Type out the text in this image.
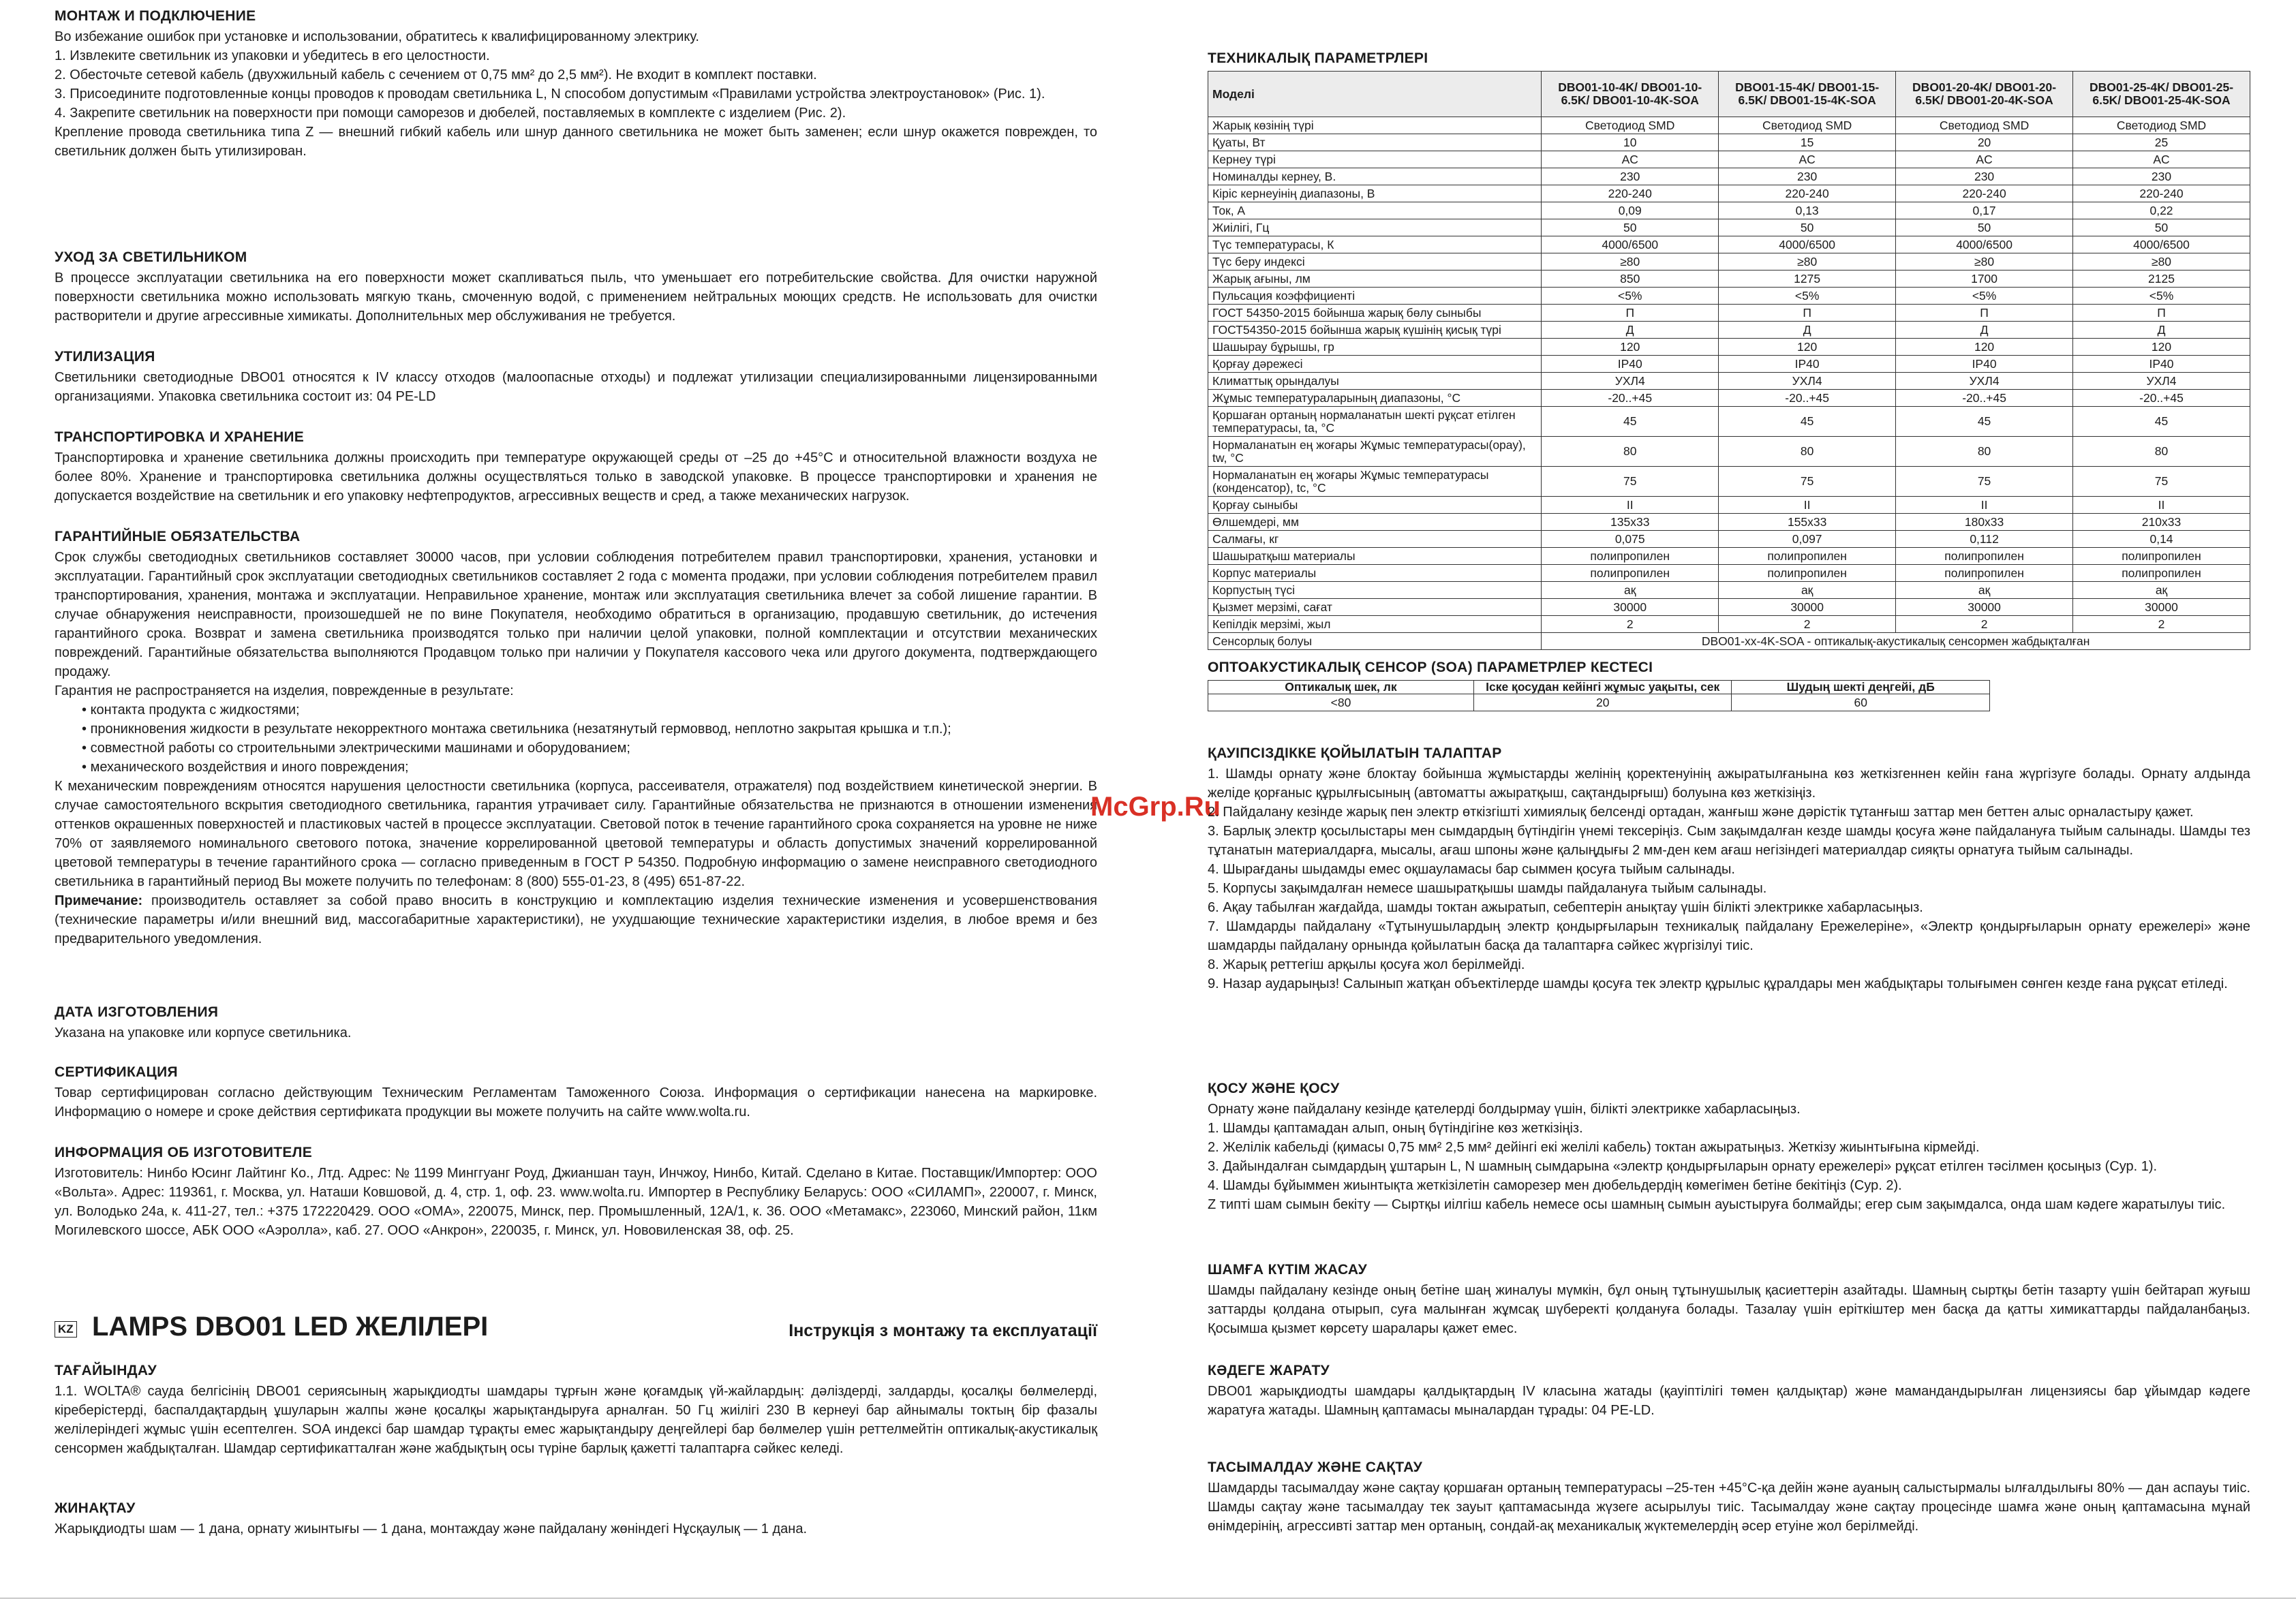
МОНТАЖ И ПОДКЛЮЧЕНИЕ

Во избежание ошибок при установке и использовании, обратитесь к квалифицированному электрику.

1. Извлеките светильник из упаковки и убедитесь в его целостности.

2. Обесточьте сетевой кабель (двухжильный кабель с сечением от 0,75 мм² до 2,5 мм²). Не входит в комплект поставки.

3. Присоедините подготовленные концы проводов к проводам светильника L, N способом допустимым «Правилами устройства электроустановок» (Рис. 1).

4. Закрепите светильник на поверхности при помощи саморезов и дюбелей, поставляемых в комплекте с изделием (Рис. 2).

Крепление провода светильника типа Z — внешний гибкий кабель или шнур данного светильника не может быть заменен; если шнур окажется поврежден, то светильник должен быть утилизирован.

УХОД ЗА СВЕТИЛЬНИКОМ

В процессе эксплуатации светильника на его поверхности может скапливаться пыль, что уменьшает его потребительские свойства. Для очистки наружной поверхности светильника можно использовать мягкую ткань, смоченную водой, с применением нейтральных моющих средств. Не использовать для очистки растворители и другие агрессивные химикаты. Дополнительных мер обслуживания не требуется.

УТИЛИЗАЦИЯ

Светильники светодиодные DBO01 относятся к IV классу отходов (малоопасные отходы) и подлежат утилизации специализированными лицензированными организациями. Упаковка светильника состоит из: 04 PE-LD

ТРАНСПОРТИРОВКА И ХРАНЕНИЕ

Транспортировка и хранение светильника должны происходить при температуре окружающей среды от –25 до +45°С и относительной влажности воздуха не более 80%. Хранение и транспортировка светильника должны осуществляться только в заводской упаковке. В процессе транспортировки и хранения не допускается воздействие на светильник и его упаковку нефтепродуктов, агрессивных веществ и сред, а также механических нагрузок.

ГАРАНТИЙНЫЕ ОБЯЗАТЕЛЬСТВА

Срок службы светодиодных светильников составляет 30000 часов, при условии соблюдения потребителем правил транспортировки, хранения, установки и эксплуатации. Гарантийный срок эксплуатации светодиодных светильников составляет 2 года с момента продажи, при условии соблюдения потребителем правил транспортирования, хранения, монтажа и эксплуатации. Неправильное хранение, монтаж или эксплуатация светильника влечет за собой лишение гарантии. В случае обнаружения неисправности, произошедшей не по вине Покупателя, необходимо обратиться в организацию, продавшую светильник, до истечения гарантийного срока. Возврат и замена светильника производятся только при наличии целой упаковки, полной комплектации и отсутствии механических повреждений. Гарантийные обязательства выполняются Продавцом только при наличии у Покупателя кассового чека или другого документа, подтверждающего продажу.

Гарантия не распространяется на изделия, поврежденные в результате:

• контакта продукта с жидкостями;
• проникновения жидкости в результате некорректного монтажа светильника (незатянутый гермоввод, неплотно закрытая крышка и т.п.);
• совместной работы со строительными электрическими машинами и оборудованием;
• механического воздействия и иного повреждения;

К механическим повреждениям относятся нарушения целостности светильника (корпуса, рассеивателя, отражателя) под воздействием кинетической энергии. В случае самостоятельного вскрытия светодиодного светильника, гарантия утрачивает силу. Гарантийные обязательства не признаются в отношении изменения оттенков окрашенных поверхностей и пластиковых частей в процессе эксплуатации. Световой поток в течение гарантийного срока сохраняется на уровне не ниже 70% от заявляемого номинального светового потока, значение коррелированной цветовой температуры и область допустимых значений коррелированной цветовой температуры в течение гарантийного срока — согласно приведенным в ГОСТ Р 54350. Подробную информацию о замене неисправного светодиодного светильника в гарантийный период Вы можете получить по телефонам: 8 (800) 555-01-23, 8 (495) 651-87-22.

Примечание: производитель оставляет за собой право вносить в конструкцию и комплектацию изделия технические изменения и усовершенствования (технические параметры и/или внешний вид, массогабаритные характеристики), не ухудшающие технические характеристики изделия, в любое время и без предварительного уведомления.

ДАТА ИЗГОТОВЛЕНИЯ

Указана на упаковке или корпусе светильника.

СЕРТИФИКАЦИЯ

Товар сертифицирован согласно действующим Техническим Регламентам Таможенного Союза. Информация о сертификации нанесена на маркировке. Информацию о номере и сроке действия сертификата продукции вы можете получить на сайте www.wolta.ru.

ИНФОРМАЦИЯ ОБ ИЗГОТОВИТЕЛЕ

Изготовитель: Нинбо Юсинг Лайтинг Ко., Лтд. Адрес: № 1199 Минггуанг Роуд, Джианшан таун, Инчжоу, Нинбо, Китай. Сделано в Китае. Поставщик/Импортер: ООО «Вольта». Адрес: 119361, г. Москва, ул. Наташи Ковшовой, д. 4, стр. 1, оф. 23. www.wolta.ru. Импортер в Республику Беларусь: ООО «СИЛАМП», 220007, г. Минск, ул. Володько 24а, к. 411-27, тел.: +375 172220429. ООО «ОМА», 220075, Минск, пер. Промышленный, 12А/1, к. 36. ООО «Метамакс», 223060, Минский район, 11км Могилевского шоссе, АБК ООО «Аэролла», каб. 27. ООО «Анкрон», 220035, г. Минск, ул. Нововиленская 38, оф. 25.

KZ LAMPS DBO01 LED ЖЕЛІЛЕРІ	Інструкція з монтажу та експлуатації
ТАҒАЙЫНДАУ

1.1. WOLTA® сауда белгісінің DBO01 сериясының жарықдиодты шамдары тұрғын және қоғамдық үй-жайлардың: дәліздерді, залдарды, қосалқы бөлмелерді, кіреберістерді, баспалдақтардың ұшуларын жалпы және қосалқы жарықтандыруға арналған. 50 Гц жиілігі 230 В кернеуі бар айнымалы токтың бір фазалы желілеріндегі жұмыс үшін есептелген. SOA индексі бар шамдар тұрақты емес жарықтандыру деңгейлері бар бөлмелер үшін реттелмейтін оптикалық-акустикалық сенсормен жабдықталған. Шамдар сертификатталған және жабдықтың осы түріне барлық қажетті талаптарға сәйкес келеді.

ЖИНАҚТАУ

Жарықдиодты шам — 1 дана, орнату жиынтығы — 1 дана, монтаждау және пайдалану жөніндегі Нұсқаулық — 1 дана.

McGrp.Ru
ТЕХНИКАЛЫҚ ПАРАМЕТРЛЕРІ
Моделі	DBO01-10-4K/ DBO01-10-6.5K/ DBO01-10-4K-SOA	DBO01-15-4K/ DBO01-15-6.5K/ DBO01-15-4K-SOA	DBO01-20-4K/ DBO01-20-6.5K/ DBO01-20-4K-SOA	DBO01-25-4K/ DBO01-25-6.5K/ DBO01-25-4K-SOA
Жарық көзінің түрі	Светодиод SMD	Светодиод SMD	Светодиод SMD	Светодиод SMD
Қуаты, Вт	10	15	20	25
Кернеу түрі	AC	AC	AC	AC
Номиналды кернеу, В.	230	230	230	230
Кіріс кернеуінің диапазоны, В	220-240	220-240	220-240	220-240
Ток, А	0,09	0,13	0,17	0,22
Жиілігі, Гц	50	50	50	50
Түс температурасы, К	4000/6500	4000/6500	4000/6500	4000/6500
Түс беру индексі	≥80	≥80	≥80	≥80
Жарық ағыны, лм	850	1275	1700	2125
Пульсация коэффициенті	<5%	<5%	<5%	<5%
ГОСТ 54350-2015 бойынша жарық бөлу сыныбы	П	П	П	П
ГОСТ54350-2015 бойынша жарық күшінің қисық түрі	Д	Д	Д	Д
Шашырау бұрышы, гр	120	120	120	120
Қорғау дәрежесі	IP40	IP40	IP40	IP40
Климаттық орындалуы	УХЛ4	УХЛ4	УХЛ4	УХЛ4
Жұмыс температураларының диапазоны, °С	-20..+45	-20..+45	-20..+45	-20..+45
Қоршаған ортаның нормаланатын шекті рұқсат етілген температурасы, ta, °С	45	45	45	45
Нормаланатын ең жоғары Жұмыс температурасы(орау), tw, °С	80	80	80	80
Нормаланатын ең жоғары Жұмыс температурасы (конденсатор), tc, °С	75	75	75	75
Қорғау сыныбы	II	II	II	II
Өлшемдері, мм	135x33	155x33	180x33	210x33
Салмағы, кг	0,075	0,097	0,112	0,14
Шашыратқыш материалы	полипропилен	полипропилен	полипропилен	полипропилен
Корпус материалы	полипропилен	полипропилен	полипропилен	полипропилен
Корпустың түсі	ақ	ақ	ақ	ақ
Қызмет мерзімі, сағат	30000	30000	30000	30000
Кепілдік мерзімі, жыл	2	2	2	2
Сенсорлық болуы	DBO01-xx-4K-SOA - оптикалық-акустикалық сенсормен жабдықталған			
ОПТОАКУСТИКАЛЫҚ СЕНСОР (SOA) ПАРАМЕТРЛЕР КЕСТЕСІ
Оптикалық шек, лк	Іске қосудан кейінгі жұмыс уақыты, сек	Шудың шекті деңгейі, дБ
<80	20	60
ҚАУІПСІЗДІККЕ ҚОЙЫЛАТЫН ТАЛАПТАР

1. Шамды орнату және блоктау бойынша жұмыстарды желінің қоректенуінің ажыратылғанына көз жеткізгеннен кейін ғана жүргізуге болады. Орнату алдында желіде қорғаныс құрылғысының (автоматты ажыратқыш, сақтандырғыш) болуына көз жеткізіңіз.

2. Пайдалану кезінде жарық пен электр өткізгішті химиялық белсенді ортадан, жанғыш және дәрістік тұтанғыш заттар мен беттен алыс орналастыру қажет.

3. Барлық электр қосылыстары мен сымдардың бүтіндігін үнемі тексеріңіз. Сым зақымдалған кезде шамды қосуға және пайдалануға тыйым салынады. Шамды тез тұтанатын материалдарға, мысалы, ағаш шпоны және қалыңдығы 2 мм-ден кем ағаш негізіндегі материалдар сияқты орнатуға тыйым салынады.

4. Шырағданы шыдамды емес оқшауламасы бар сыммен қосуға тыйым салынады.

5. Корпусы зақымдалған немесе шашыратқышы шамды пайдалануға тыйым салынады.

6. Ақау табылған жағдайда, шамды токтан ажыратып, себептерін анықтау үшін білікті электрикке хабарласыңыз.

7. Шамдарды пайдалану «Тұтынушылардың электр қондырғыларын техникалық пайдалану Ережелеріне», «Электр қондырғыларын орнату ережелері» және шамдарды пайдалану орнында қойылатын басқа да талаптарға сәйкес жүргізілуі тиіс.

8. Жарық реттегіш арқылы қосуға жол берілмейді.

9. Назар аударыңыз! Салынып жатқан объектілерде шамды қосуға тек электр құрылыс құралдары мен жабдықтары толығымен сөнген кезде ғана рұқсат етіледі.

ҚОСУ ЖӘНЕ ҚОСУ

Орнату және пайдалану кезінде қателерді болдырмау үшін, білікті электрикке хабарласыңыз.

1. Шамды қаптамадан алып, оның бүтіндігіне көз жеткізіңіз.

2. Желілік кабельді (қимасы 0,75 мм² 2,5 мм² дейінгі екі желілі кабель) токтан ажыратыңыз. Жеткізу жиынтығына кірмейді.

3. Дайындалған сымдардың ұштарын L, N шамның сымдарына «электр қондырғыларын орнату ережелері» рұқсат етілген тәсілмен қосыңыз (Сур. 1).

4. Шамды бұйыммен жиынтықта жеткізілетін саморезер мен дюбельдердің көмегімен бетіне бекітіңіз (Сур. 2).

Z типті шам сымын бекіту — Сыртқы иілгіш кабель немесе осы шамның сымын ауыстыруға болмайды; егер сым зақымдалса, онда шам кәдеге жаратылуы тиіс.

ШАМҒА КҮТІМ ЖАСАУ

Шамды пайдалану кезінде оның бетіне шаң жиналуы мүмкін, бұл оның тұтынушылық қасиеттерін азайтады. Шамның сыртқы бетін тазарту үшін бейтарап жуғыш заттарды қолдана отырып, суға малынған жұмсақ шүберекті қолдануға болады. Тазалау үшін еріткіштер мен басқа да қатты химикаттарды пайдаланбаңыз. Қосымша қызмет көрсету шаралары қажет емес.

КӘДЕГЕ ЖАРАТУ

DBO01 жарықдиодты шамдары қалдықтардың IV класына жатады (қауіптілігі төмен қалдықтар) және мамандандырылған лицензиясы бар ұйымдар кәдеге жаратуға жатады. Шамның қаптамасы мыналардан тұрады: 04 PE-LD.

ТАСЫМАЛДАУ ЖӘНЕ САҚТАУ

Шамдарды тасымалдау және сақтау қоршаған ортаның температурасы –25-тен +45°С-қа дейін және ауаның салыстырмалы ылғалдылығы 80% — дан аспауы тиіс. Шамды сақтау және тасымалдау тек зауыт қаптамасында жүзеге асырылуы тиіс. Тасымалдау және сақтау процесінде шамға және оның қаптамасына мұнай өнімдерінің, агрессивті заттар мен ортаның, сондай-ақ механикалық жүктемелердің әсер етуіне жол берілмейді.
